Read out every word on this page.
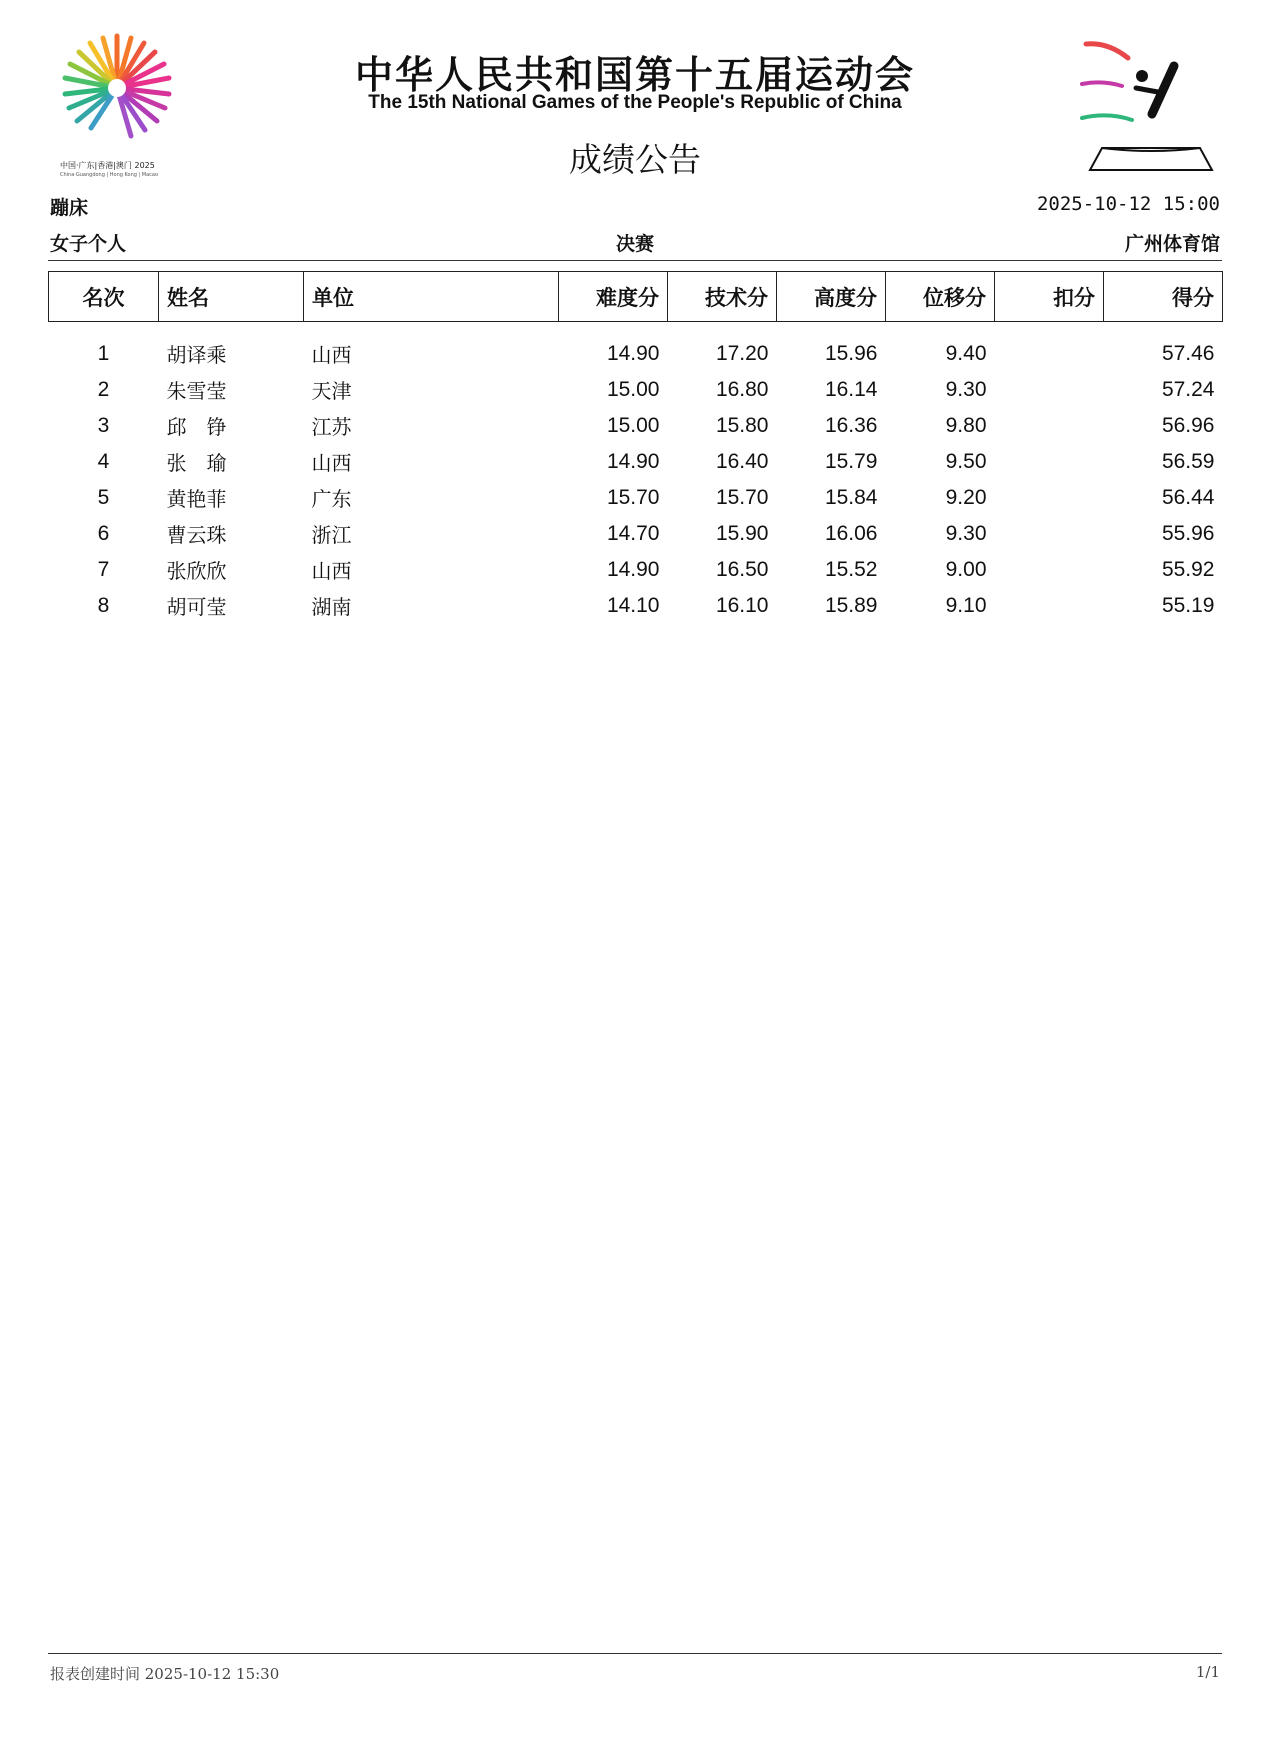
中国·广东|香港|澳门 2025
China·Guangdong | Hong Kong | Macao
中华人民共和国第十五届运动会
The 15th National Games of the People's Republic of China
成绩公告
蹦床	2025-10-12 15:00
女子个人	决赛	广州体育馆
名次	姓名	单位	难度分	技术分	高度分	位移分	扣分	得分
1	胡译乘	山西	14.90	17.20	15.96	9.40		57.46
2	朱雪莹	天津	15.00	16.80	16.14	9.30		57.24
3	邱　铮	江苏	15.00	15.80	16.36	9.80		56.96
4	张　瑜	山西	14.90	16.40	15.79	9.50		56.59
5	黄艳菲	广东	15.70	15.70	15.84	9.20		56.44
6	曹云珠	浙江	14.70	15.90	16.06	9.30		55.96
7	张欣欣	山西	14.90	16.50	15.52	9.00		55.92
8	胡可莹	湖南	14.10	16.10	15.89	9.10		55.19
报表创建时间 2025-10-12 15:30	1/1
